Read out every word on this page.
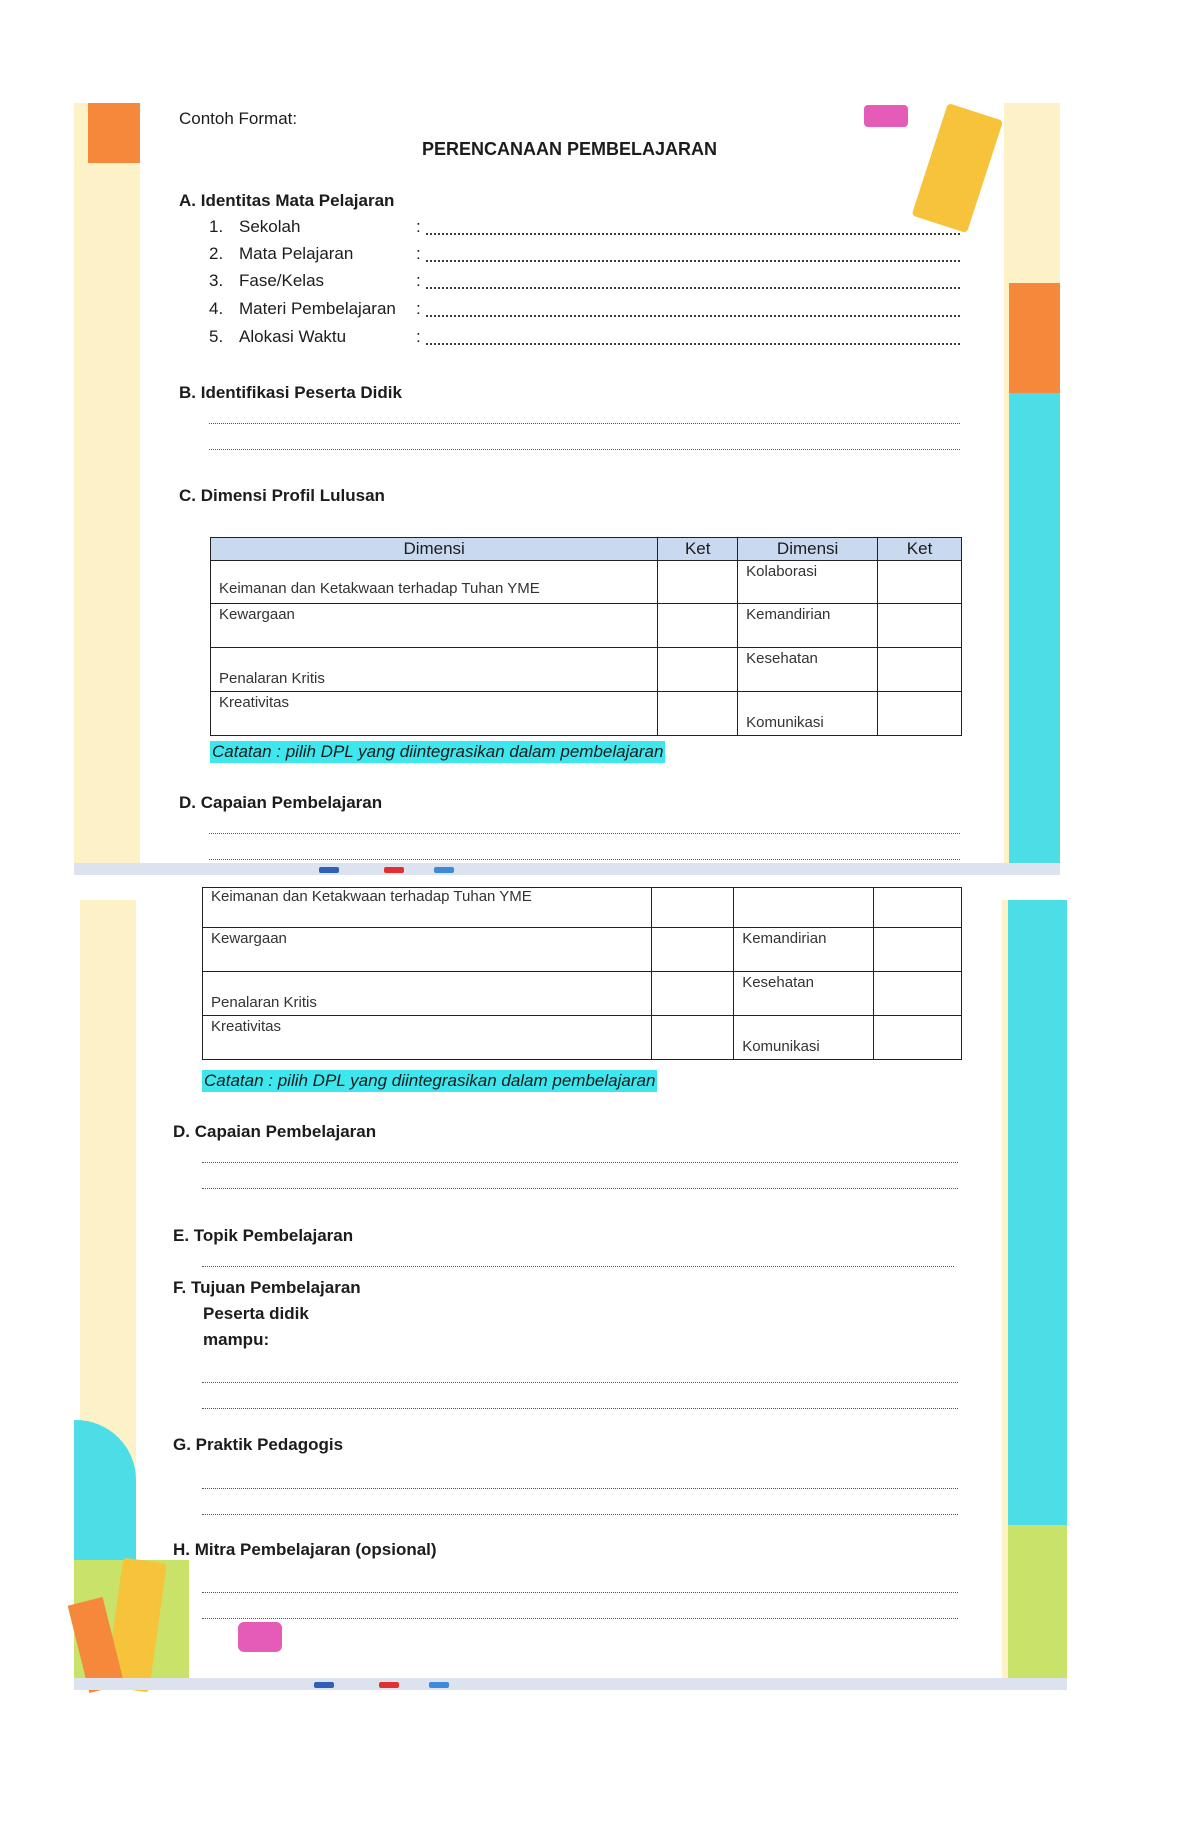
Contoh Format:
PERENCANAAN PEMBELAJARAN
A. Identitas Mata Pelajaran
1. Sekolah	:
2. Mata Pelajaran	:
3. Fase/Kelas	:
4. Materi Pembelajaran :
5. Alokasi Waktu	:
B. Identifikasi Peserta Didik
C. Dimensi Profil Lulusan
Dimensi	Ket	Dimensi	Ket
Keimanan dan Ketakwaan terhadap Tuhan YME		Kolaborasi	
Kewargaan		Kemandirian	
Penalaran Kritis		Kesehatan	
Kreativitas		Komunikasi	
Catatan : pilih DPL yang diintegrasikan dalam pembelajaran
D. Capaian Pembelajaran
Keimanan dan Ketakwaan terhadap Tuhan YME			
Kewargaan		Kemandirian	
Penalaran Kritis		Kesehatan	
Kreativitas		Komunikasi	
Catatan : pilih DPL yang diintegrasikan dalam pembelajaran
D. Capaian Pembelajaran
E. Topik Pembelajaran
F. Tujuan Pembelajaran
Peserta didik
mampu:
G. Praktik Pedagogis
H. Mitra Pembelajaran (opsional)
